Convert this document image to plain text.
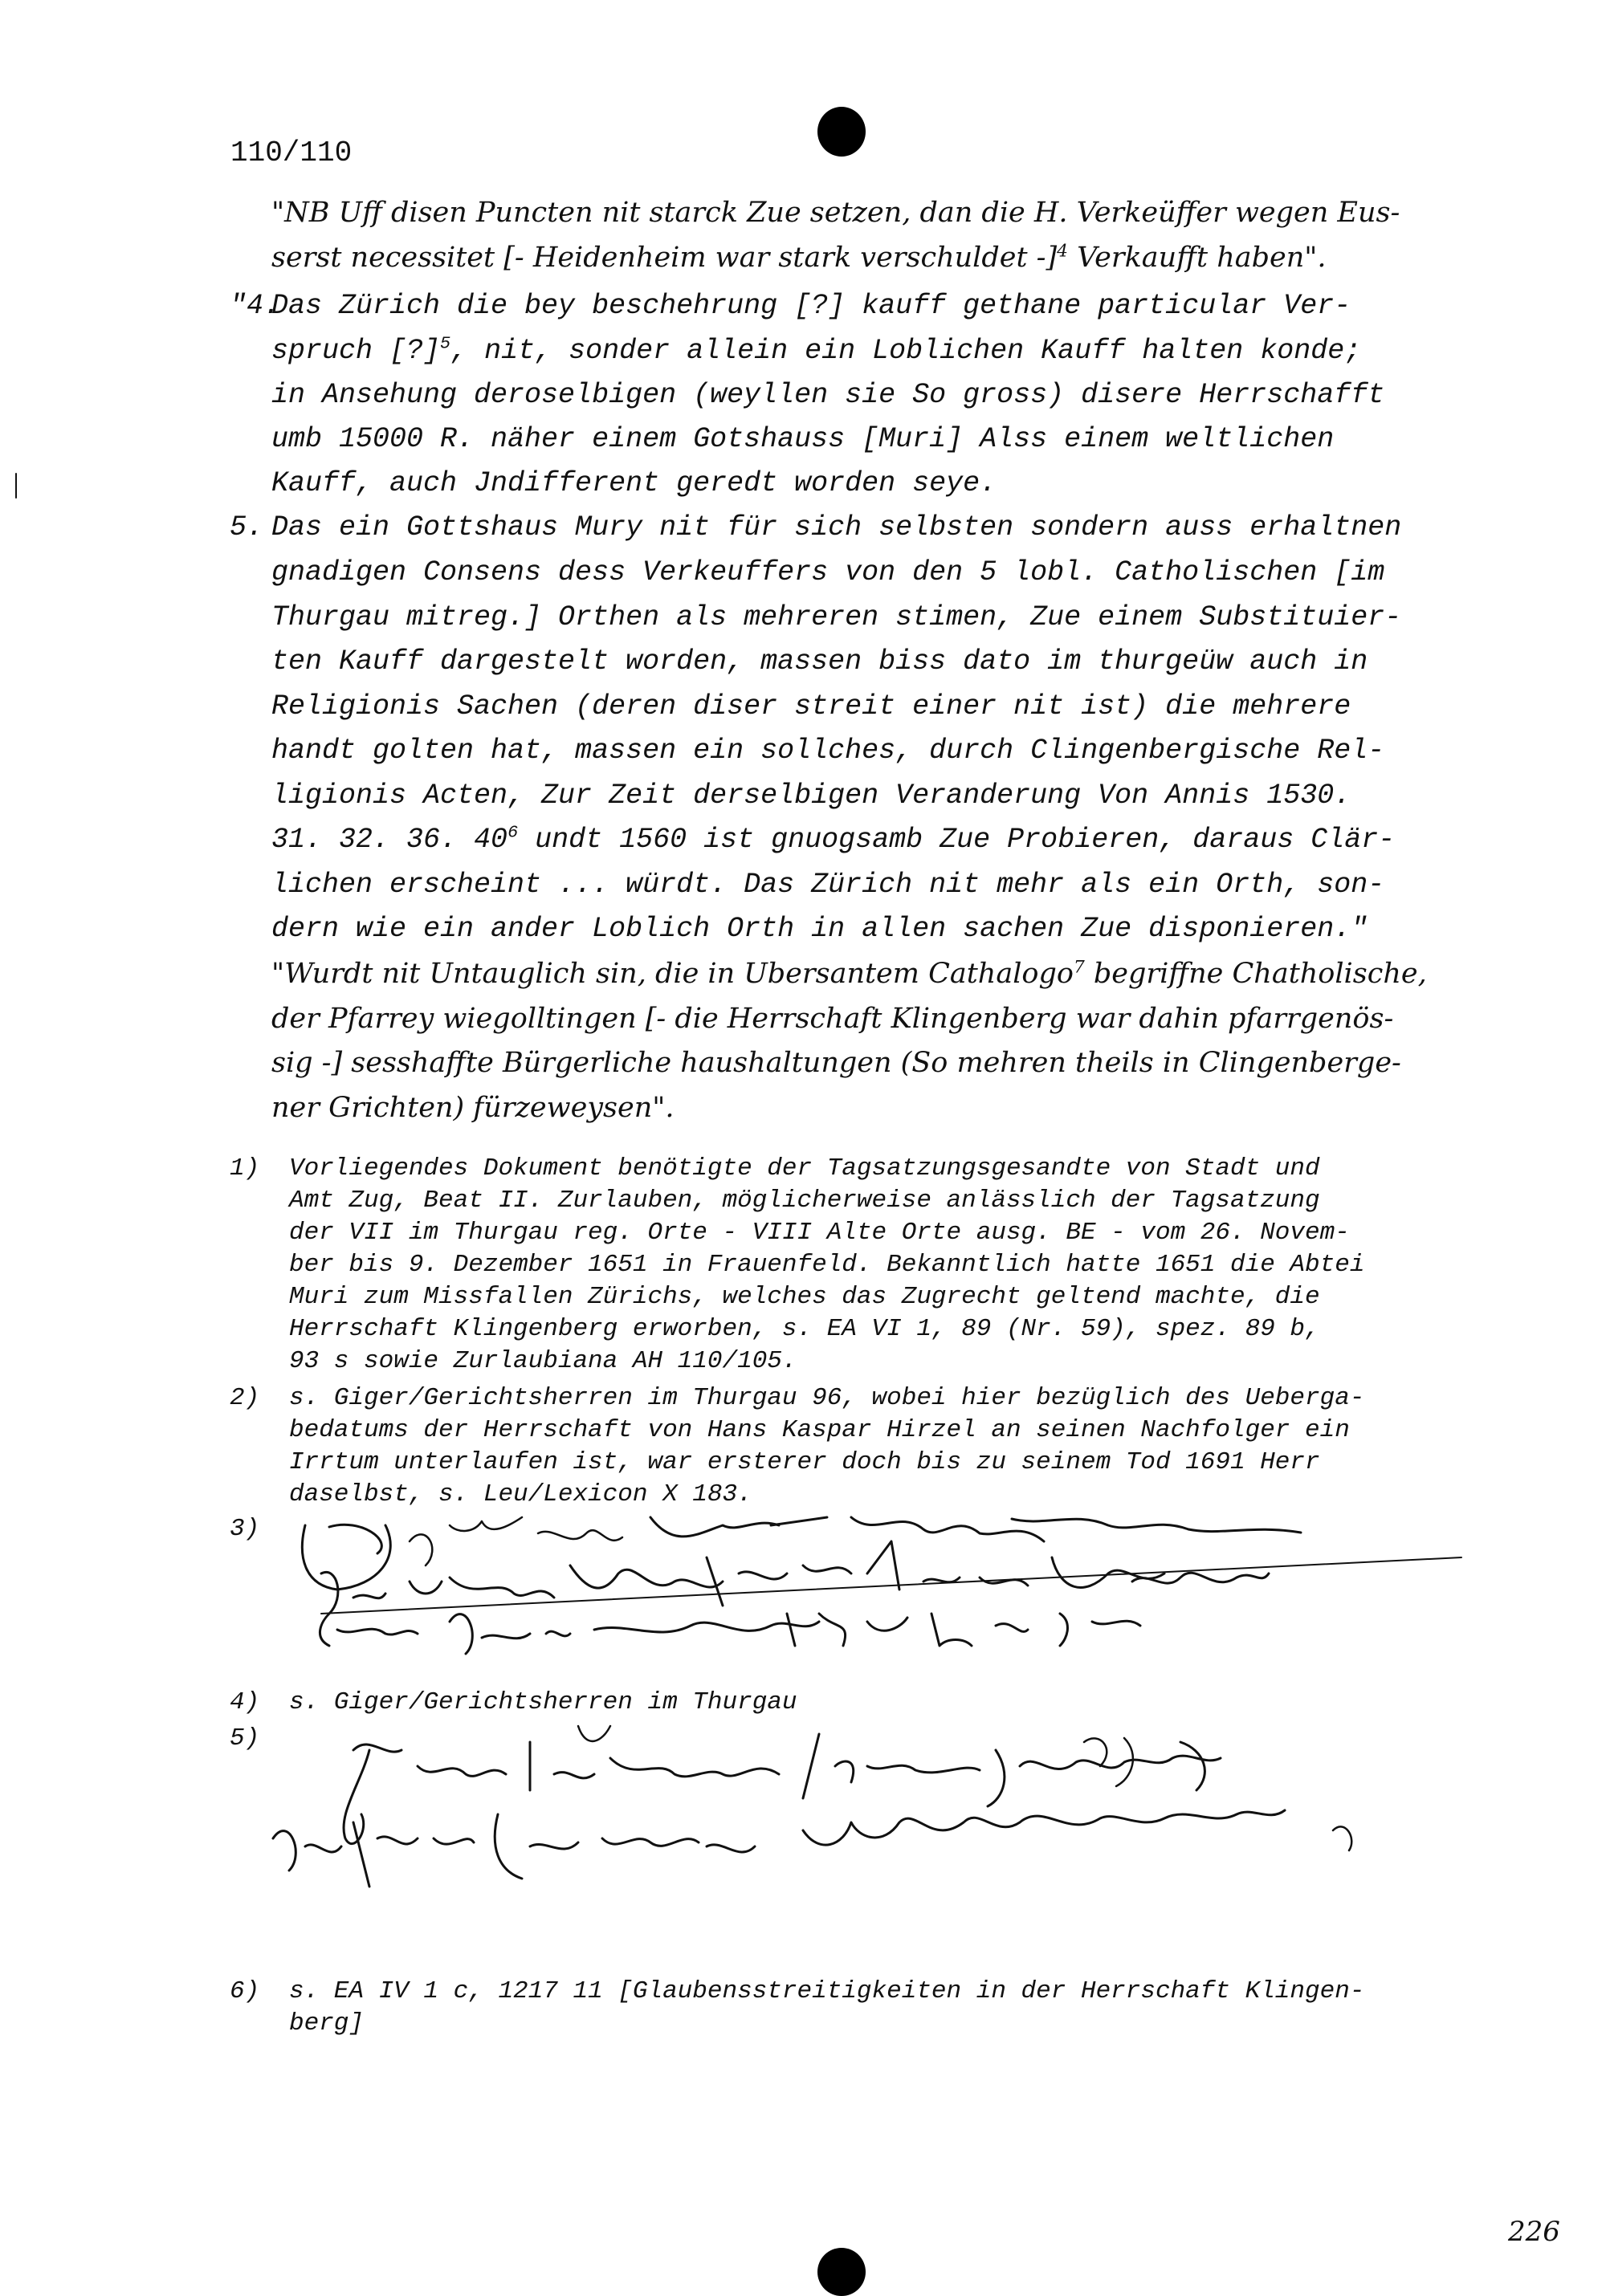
110/110
"NB Uff disen Puncten nit starck Zue setzen, dan die H. Verkeüffer wegen Eus-
serst necessitet [- Heidenheim war stark verschuldet -]$^4$ Verkaufft haben".
"4.
Das Zürich die bey beschehrung [?] kauff gethane particular Ver-
spruch [?]$^5$, nit, sonder allein ein Loblichen Kauff halten konde;
in Ansehung deroselbigen (weyllen sie So gross) disere Herrschafft
umb 15000 R. näher einem Gotshauss [Muri] Alss einem weltlichen
Kauff, auch Jndifferent geredt worden seye.
5. Das ein Gottshaus Mury nit für sich selbsten sondern auss erhaltnen
gnadigen Consens dess Verkeuffers von den 5 lobl. Catholischen [im
Thurgau mitreg.] Orthen als mehreren stimen, Zue einem Substituier-
ten Kauff dargestelt worden, massen biss dato im thurgeüw auch in
Religionis Sachen (deren diser streit einer nit ist) die mehrere
handt golten hat, massen ein sollches, durch Clingenbergische Rel-
ligionis Acten, Zur Zeit derselbigen Veranderung Von Annis 1530.
31. 32. 36. $40^6$ undt 1560 ist gnuogsamb Zue Probieren, daraus Clär-
lichen erscheint ... würdt. Das Zürich nit mehr als ein Orth, son-
dern wie ein ander Loblich Orth in allen sachen Zue disponieren."
"Wurdt nit Untauglich sin, die in Ubersantem Cathalogo$^7$ begriffne Chatholische,
der Pfarrey wiegolltingen [- die Herrschaft Klingenberg war dahin pfarrgenös-
sig -] sesshaffte Bürgerliche haushaltungen (So mehren theils in Clingenberge-
ner Grichten) fürzeweysen".
1) Vorliegendes Dokument benötigte der Tagsatzungsgesandte von Stadt und
Amt Zug, Beat II. Zurlauben, möglicherweise anlässlich der Tagsatzung
der VII im Thurgau reg. Orte - VIII Alte Orte ausg. BE - vom 26. Novem-
ber bis 9. Dezember 1651 in Frauenfeld. Bekanntlich hatte 1651 die Abtei
Muri zum Missfallen Zürichs, welches das Zugrecht geltend machte, die
Herrschaft Klingenberg erworben, s. EA VI 1, 89 (Nr. 59), spez. 89 b,
93 s sowie Zurlaubiana AH 110/105.
2) s. Giger/Gerichtsherren im Thurgau 96, wobei hier bezüglich des Ueberga-
bedatums der Herrschaft von Hans Kaspar Hirzel an seinen Nachfolger ein
Irrtum unterlaufen ist, war ersterer doch bis zu seinem Tod 1691 Herr
daselbst, s. Leu/Lexicon X 183.
3)
4) s. Giger/Gerichtsherren im Thurgau
5)
6) s. EA IV 1 c, 1217 11 [Glaubensstreitigkeiten in der Herrschaft Klingen-
berg]
226
